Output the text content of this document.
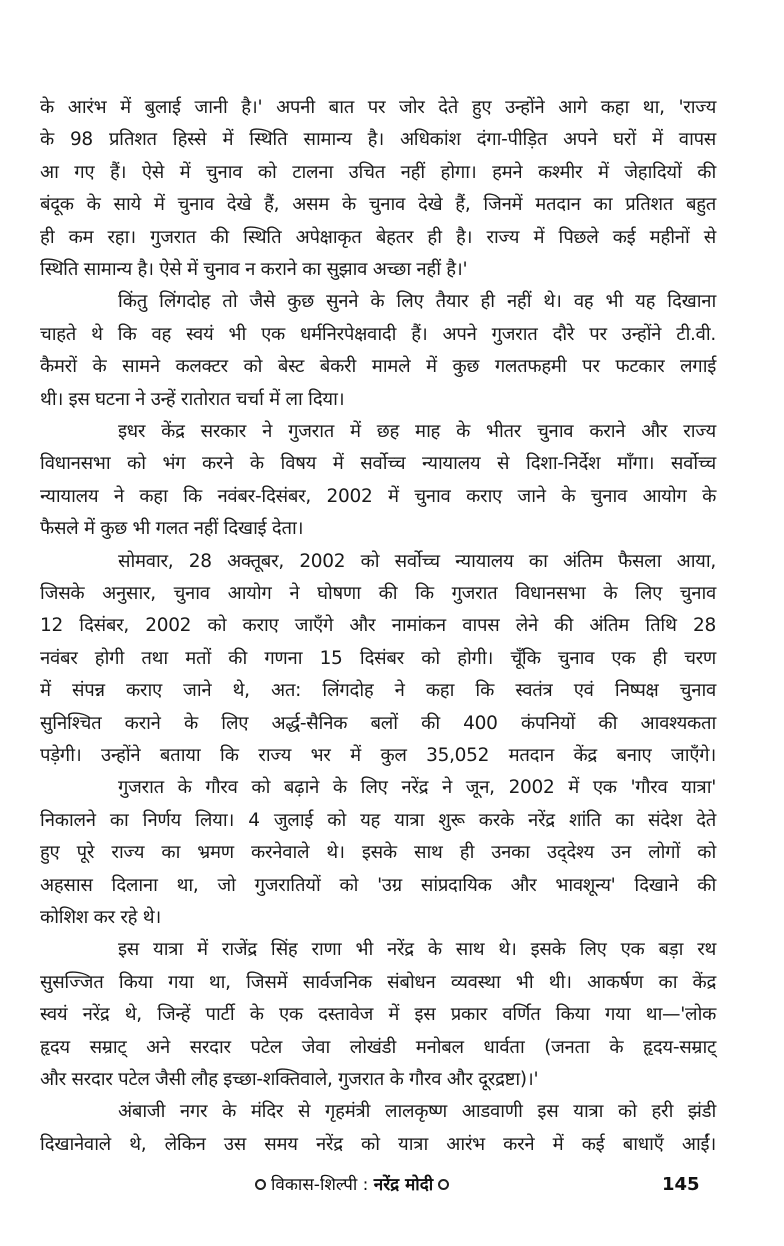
के आरंभ में बुलाई जानी है।' अपनी बात पर जोर देते हुए उन्होंने आगे कहा था, 'राज्य
के 98 प्रतिशत हिस्से में स्थिति सामान्य है। अधिकांश दंगा-पीड़ित अपने घरों में वापस
आ गए हैं। ऐसे में चुनाव को टालना उचित नहीं होगा। हमने कश्मीर में जेहादियों की
बंदूक के साये में चुनाव देखे हैं, असम के चुनाव देखे हैं, जिनमें मतदान का प्रतिशत बहुत
ही कम रहा। गुजरात की स्थिति अपेक्षाकृत बेहतर ही है। राज्य में पिछले कई महीनों से
स्थिति सामान्य है। ऐसे में चुनाव न कराने का सुझाव अच्छा नहीं है।'
किंतु लिंगदोह तो जैसे कुछ सुनने के लिए तैयार ही नहीं थे। वह भी यह दिखाना
चाहते थे कि वह स्वयं भी एक धर्मनिरपेक्षवादी हैं। अपने गुजरात दौरे पर उन्होंने टी.वी.
कैमरों के सामने कलक्टर को बेस्ट बेकरी मामले में कुछ गलतफहमी पर फटकार लगाई
थी। इस घटना ने उन्हें रातोरात चर्चा में ला दिया।
इधर केंद्र सरकार ने गुजरात में छह माह के भीतर चुनाव कराने और राज्य
विधानसभा को भंग करने के विषय में सर्वोच्च न्यायालय से दिशा-निर्देश माँगा। सर्वोच्च
न्यायालय ने कहा कि नवंबर-दिसंबर, 2002 में चुनाव कराए जाने के चुनाव आयोग के
फैसले में कुछ भी गलत नहीं दिखाई देता।
सोमवार, 28 अक्तूबर, 2002 को सर्वोच्च न्यायालय का अंतिम फैसला आया,
जिसके अनुसार, चुनाव आयोग ने घोषणा की कि गुजरात विधानसभा के लिए चुनाव
12 दिसंबर, 2002 को कराए जाएँगे और नामांकन वापस लेने की अंतिम तिथि 28
नवंबर होगी तथा मतों की गणना 15 दिसंबर को होगी। चूँकि चुनाव एक ही चरण
में संपन्न कराए जाने थे, अत: लिंगदोह ने कहा कि स्वतंत्र एवं निष्पक्ष चुनाव
सुनिश्चित कराने के लिए अर्द्ध-सैनिक बलों की 400 कंपनियों की आवश्यकता
पड़ेगी। उन्होंने बताया कि राज्य भर में कुल 35,052 मतदान केंद्र बनाए जाएँगे।
गुजरात के गौरव को बढ़ाने के लिए नरेंद्र ने जून, 2002 में एक 'गौरव यात्रा'
निकालने का निर्णय लिया। 4 जुलाई को यह यात्रा शुरू करके नरेंद्र शांति का संदेश देते
हुए पूरे राज्य का भ्रमण करनेवाले थे। इसके साथ ही उनका उद्‌देश्य उन लोगों को
अहसास दिलाना था, जो गुजरातियों को 'उग्र सांप्रदायिक और भावशून्य' दिखाने की
कोशिश कर रहे थे।
इस यात्रा में राजेंद्र सिंह राणा भी नरेंद्र के साथ थे। इसके लिए एक बड़ा रथ
सुसज्जित किया गया था, जिसमें सार्वजनिक संबोधन व्यवस्था भी थी। आकर्षण का केंद्र
स्वयं नरेंद्र थे, जिन्हें पार्टी के एक दस्तावेज में इस प्रकार वर्णित किया गया था—'लोक
हृदय सम्राट् अने सरदार पटेल जेवा लोखंडी मनोबल धार्वता (जनता के हृदय-सम्राट्
और सरदार पटेल जैसी लौह इच्छा-शक्तिवाले, गुजरात के गौरव और दूरद्रष्टा)।'
अंबाजी नगर के मंदिर से गृहमंत्री लालकृष्ण आडवाणी इस यात्रा को हरी झंडी
दिखानेवाले थे, लेकिन उस समय नरेंद्र को यात्रा आरंभ करने में कई बाधाएँ आईं।
विकास-शिल्पी : नरेंद्र मोदी	145
